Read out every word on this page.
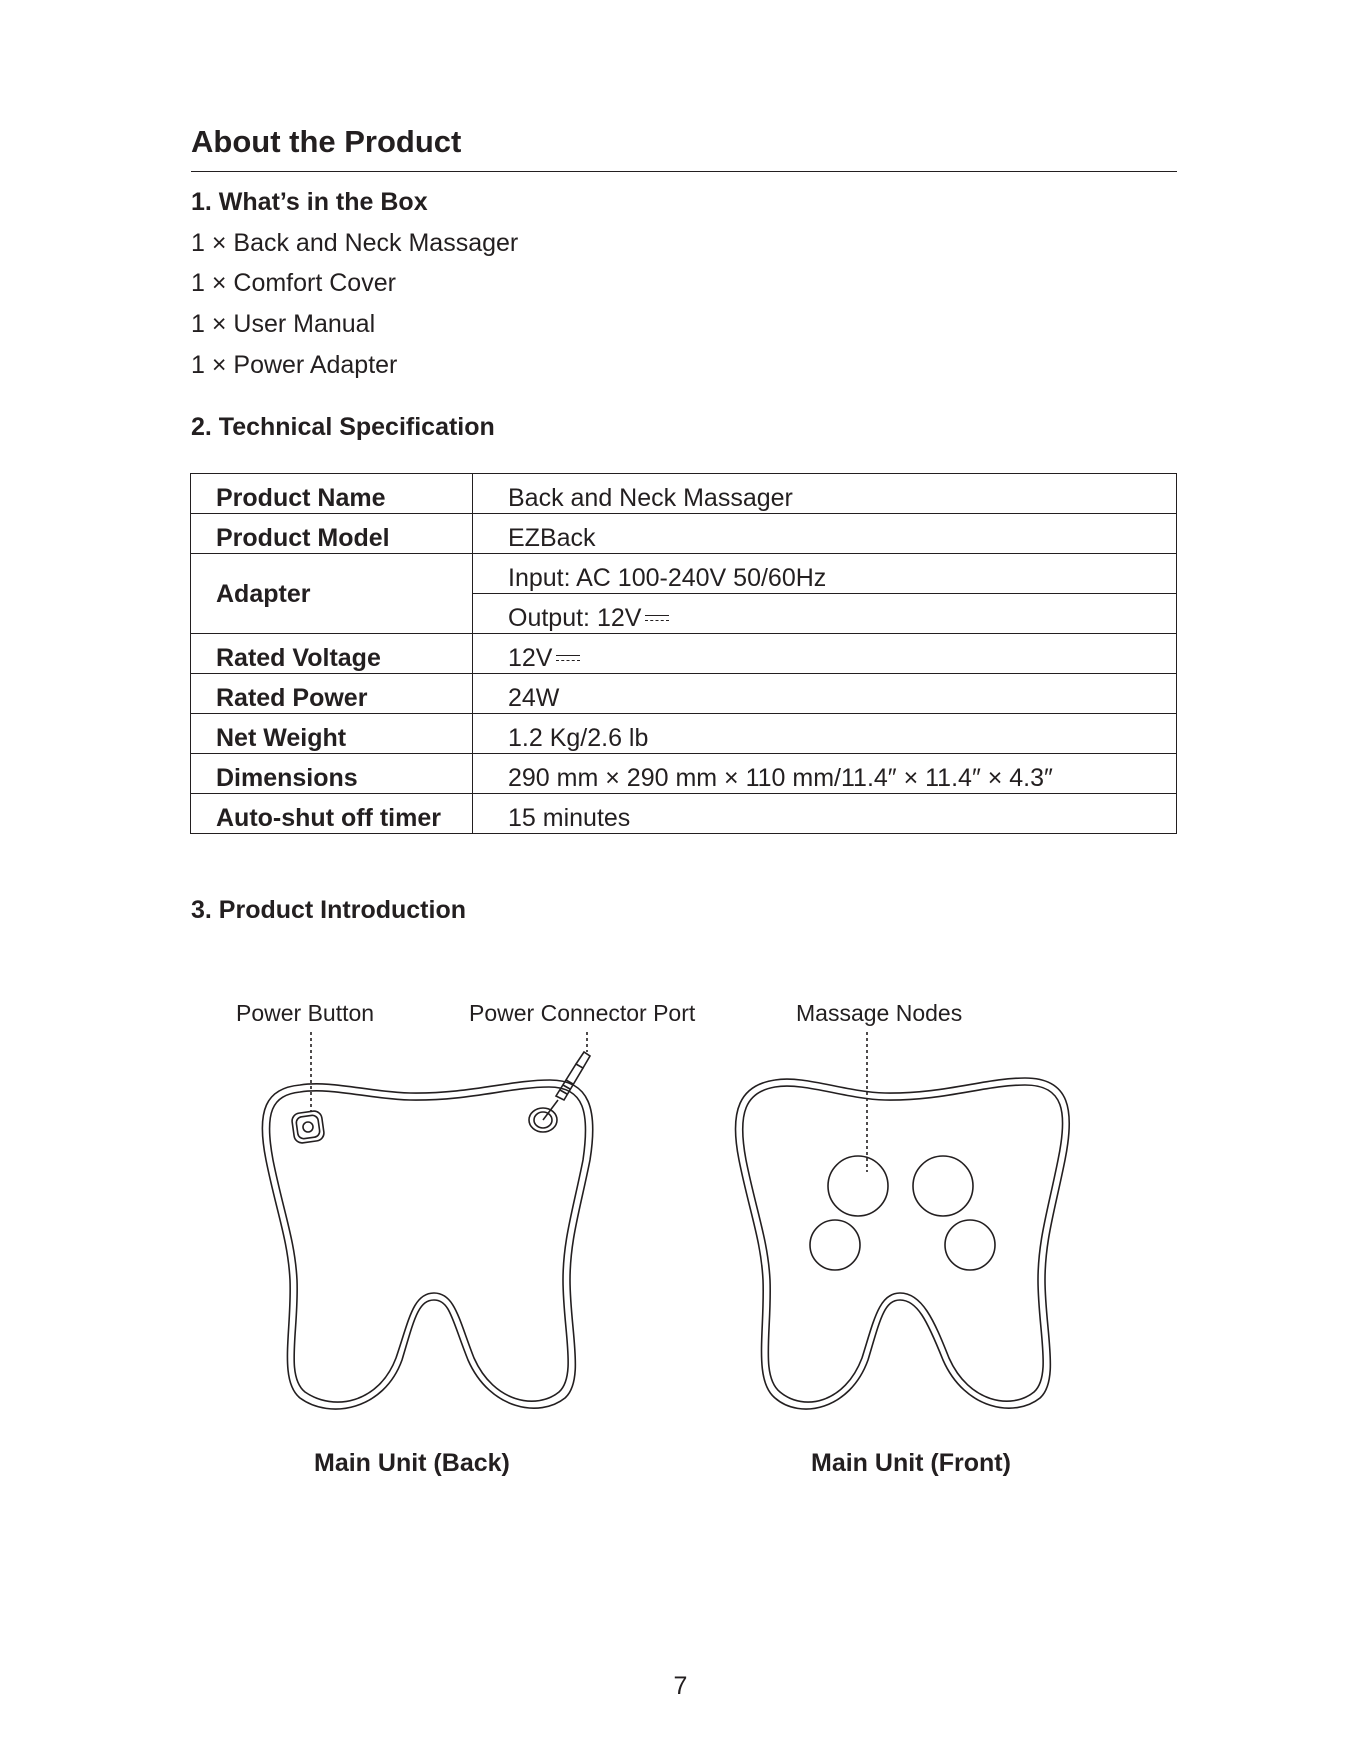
About the Product
1. What’s in the Box
1 × Back and Neck Massager
1 × Comfort Cover
1 × User Manual
1 × Power Adapter
2. Technical Specification
Product Name	Back and Neck Massager
Product Model	EZBack
Adapter	Input: AC 100-240V 50/60Hz
	Output: 12V
Rated Voltage	12V
Rated Power	24W
Net Weight	1.2 Kg/2.6 lb
Dimensions	290 mm × 290 mm × 110 mm/11.4″ × 11.4″ × 4.3″
Auto-shut off timer	15 minutes
3. Product Introduction
Power Button	Power Connector Port	Massage Nodes
Main Unit (Back)	Main Unit (Front)
7
